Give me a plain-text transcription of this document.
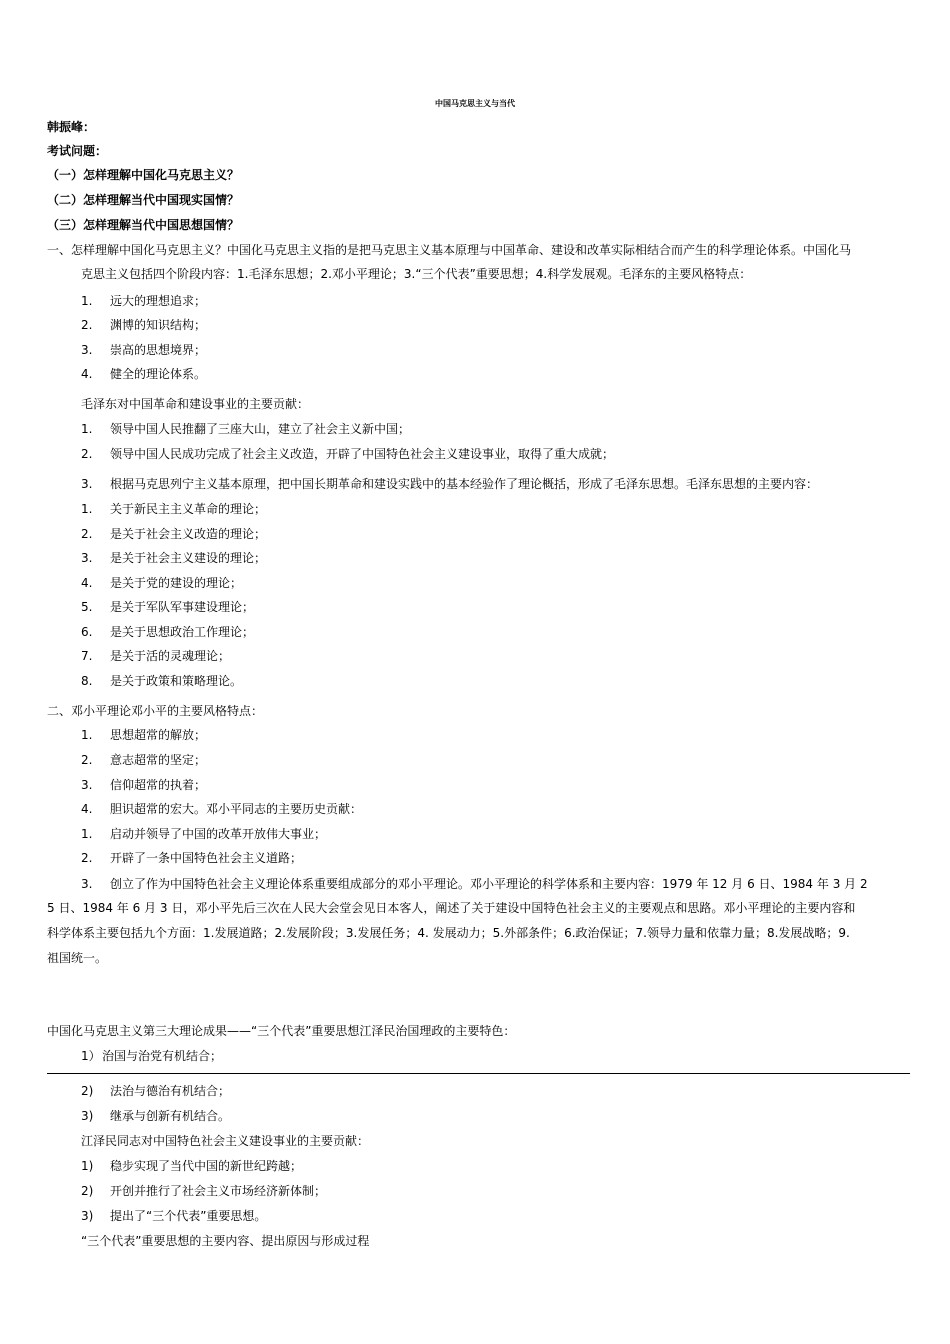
中国马克思主义与当代
韩振峰：
考试问题：
（一）怎样理解中国化马克思主义？
（二）怎样理解当代中国现实国情？
（三）怎样理解当代中国思想国情？
一、怎样理解中国化马克思主义？中国化马克思主义指的是把马克思主义基本原理与中国革命、建设和改革实际相结合而产生的科学理论体系。中国化马
克思主义包括四个阶段内容：1.毛泽东思想；2.邓小平理论；3.“三个代表”重要思想；4.科学发展观。毛泽东的主要风格特点：
1. 远大的理想追求；
2. 渊博的知识结构；
3. 崇高的思想境界；
4. 健全的理论体系。
毛泽东对中国革命和建设事业的主要贡献：
1. 领导中国人民推翻了三座大山，建立了社会主义新中国；
2. 领导中国人民成功完成了社会主义改造，开辟了中国特色社会主义建设事业，取得了重大成就；
3. 根据马克思列宁主义基本原理，把中国长期革命和建设实践中的基本经验作了理论概括，形成了毛泽东思想。毛泽东思想的主要内容：
1. 关于新民主主义革命的理论；
2. 是关于社会主义改造的理论；
3. 是关于社会主义建设的理论；
4. 是关于党的建设的理论；
5. 是关于军队军事建设理论；
6. 是关于思想政治工作理论；
7. 是关于活的灵魂理论；
8. 是关于政策和策略理论。
二、邓小平理论邓小平的主要风格特点：
1. 思想超常的解放；
2. 意志超常的坚定；
3. 信仰超常的执着；
4. 胆识超常的宏大。邓小平同志的主要历史贡献：
1. 启动并领导了中国的改革开放伟大事业；
2. 开辟了一条中国特色社会主义道路；
3. 创立了作为中国特色社会主义理论体系重要组成部分的邓小平理论。邓小平理论的科学体系和主要内容：1979 年 12 月 6 日、1984 年 3 月 2
5 日、1984 年 6 月 3 日，邓小平先后三次在人民大会堂会见日本客人，阐述了关于建设中国特色社会主义的主要观点和思路。邓小平理论的主要内容和
科学体系主要包括九个方面：1.发展道路；2.发展阶段；3.发展任务；4. 发展动力；5.外部条件；6.政治保证；7.领导力量和依靠力量；8.发展战略；9.
祖国统一。
中国化马克思主义第三大理论成果——“三个代表”重要思想江泽民治国理政的主要特色：
1） 治国与治党有机结合；
2) 法治与德治有机结合；
3) 继承与创新有机结合。
江泽民同志对中国特色社会主义建设事业的主要贡献：
1) 稳步实现了当代中国的新世纪跨越；
2) 开创并推行了社会主义市场经济新体制；
3) 提出了“三个代表”重要思想。
“三个代表”重要思想的主要内容、提出原因与形成过程
